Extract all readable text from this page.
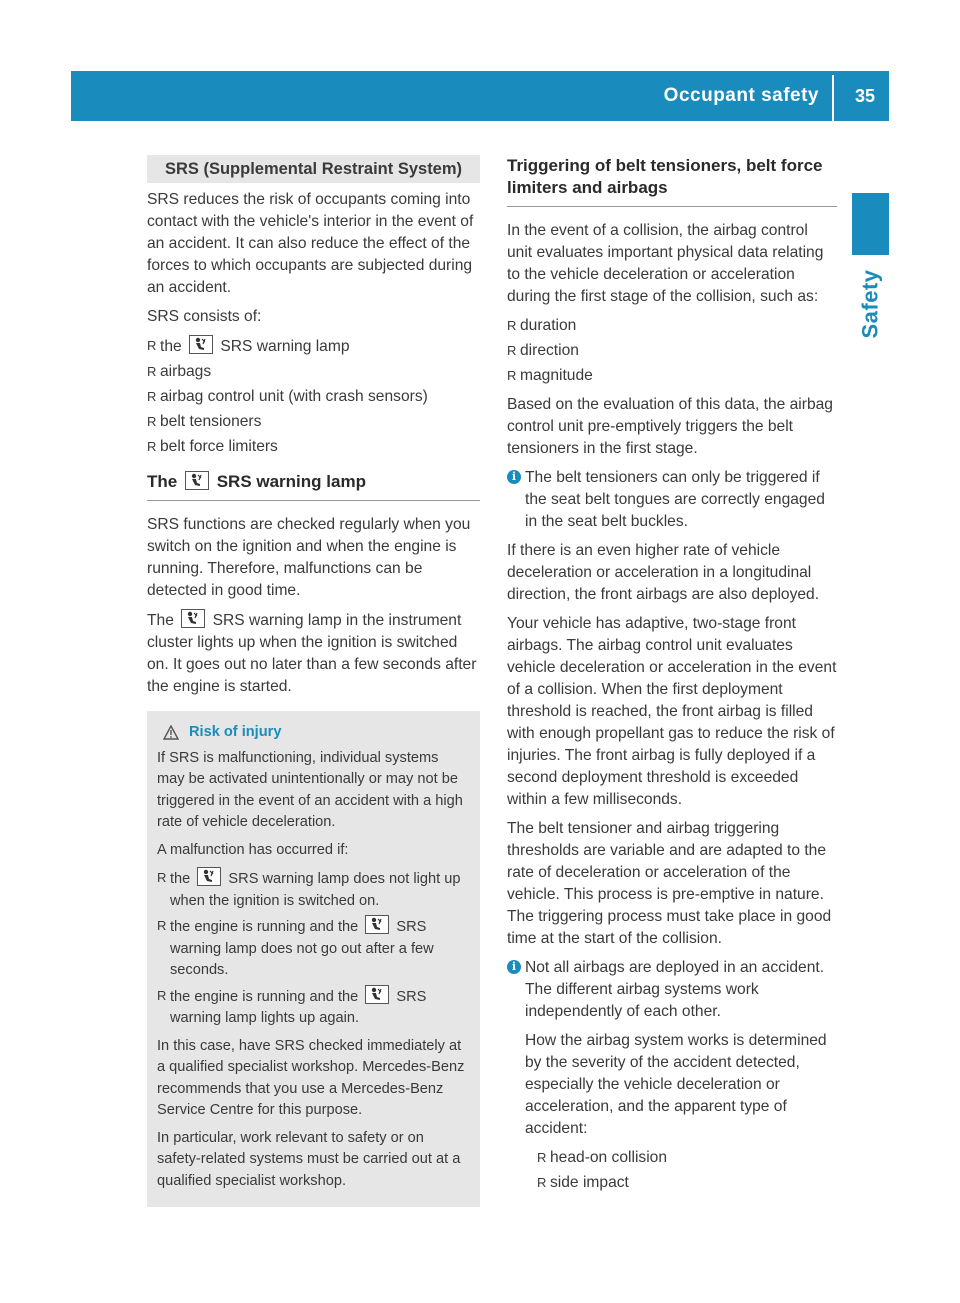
Occupant safety 35
Safety
SRS (Supplemental Restraint System)

SRS reduces the risk of occupants coming into contact with the vehicle's interior in the event of an accident. It can also reduce the effect of the forces to which occupants are subjected during an accident.

SRS consists of:

R the SRS warning lamp
R airbags
R airbag control unit (with crash sensors)
R belt tensioners
R belt force limiters
The SRS warning lamp

SRS functions are checked regularly when you switch on the ignition and when the engine is running. Therefore, malfunctions can be detected in good time.

The SRS warning lamp in the instrument cluster lights up when the ignition is switched on. It goes out no later than a few seconds after the engine is started.

Risk of injury

If SRS is malfunctioning, individual systems may be activated unintentionally or may not be triggered in the event of an accident with a high rate of vehicle deceleration.

A malfunction has occurred if:

R the	SRS warning lamp does not light up when the ignition is switched on.
R the engine is running and the	SRS warning lamp does not go out after a few seconds.
R the engine is running and the	SRS warning lamp lights up again.

In this case, have SRS checked immediately at a qualified specialist workshop. Mercedes-Benz recommends that you use a Mercedes-Benz Service Centre for this purpose.

In particular, work relevant to safety or on safety-related systems must be carried out at a qualified specialist workshop.

Triggering of belt tensioners, belt force limiters and airbags

In the event of a collision, the airbag control unit evaluates important physical data relating to the vehicle deceleration or acceleration during the first stage of the collision, such as:

R duration
R direction
R magnitude

Based on the evaluation of this data, the airbag control unit pre-emptively triggers the belt tensioners in the first stage.

i The belt tensioners can only be triggered if the seat belt tongues are correctly engaged in the seat belt buckles.

If there is an even higher rate of vehicle deceleration or acceleration in a longitudinal direction, the front airbags are also deployed.

Your vehicle has adaptive, two-stage front airbags. The airbag control unit evaluates vehicle deceleration or acceleration in the event of a collision. When the first deployment threshold is reached, the front airbag is filled with enough propellant gas to reduce the risk of injuries. The front airbag is fully deployed if a second deployment threshold is exceeded within a few milliseconds.

The belt tensioner and airbag triggering thresholds are variable and are adapted to the rate of deceleration or acceleration of the vehicle. This process is pre-emptive in nature. The triggering process must take place in good time at the start of the collision.

i Not all airbags are deployed in an accident. The different airbag systems work independently of each other.

How the airbag system works is determined by the severity of the accident detected, especially the vehicle deceleration or acceleration, and the apparent type of accident:

R head-on collision
R side impact
